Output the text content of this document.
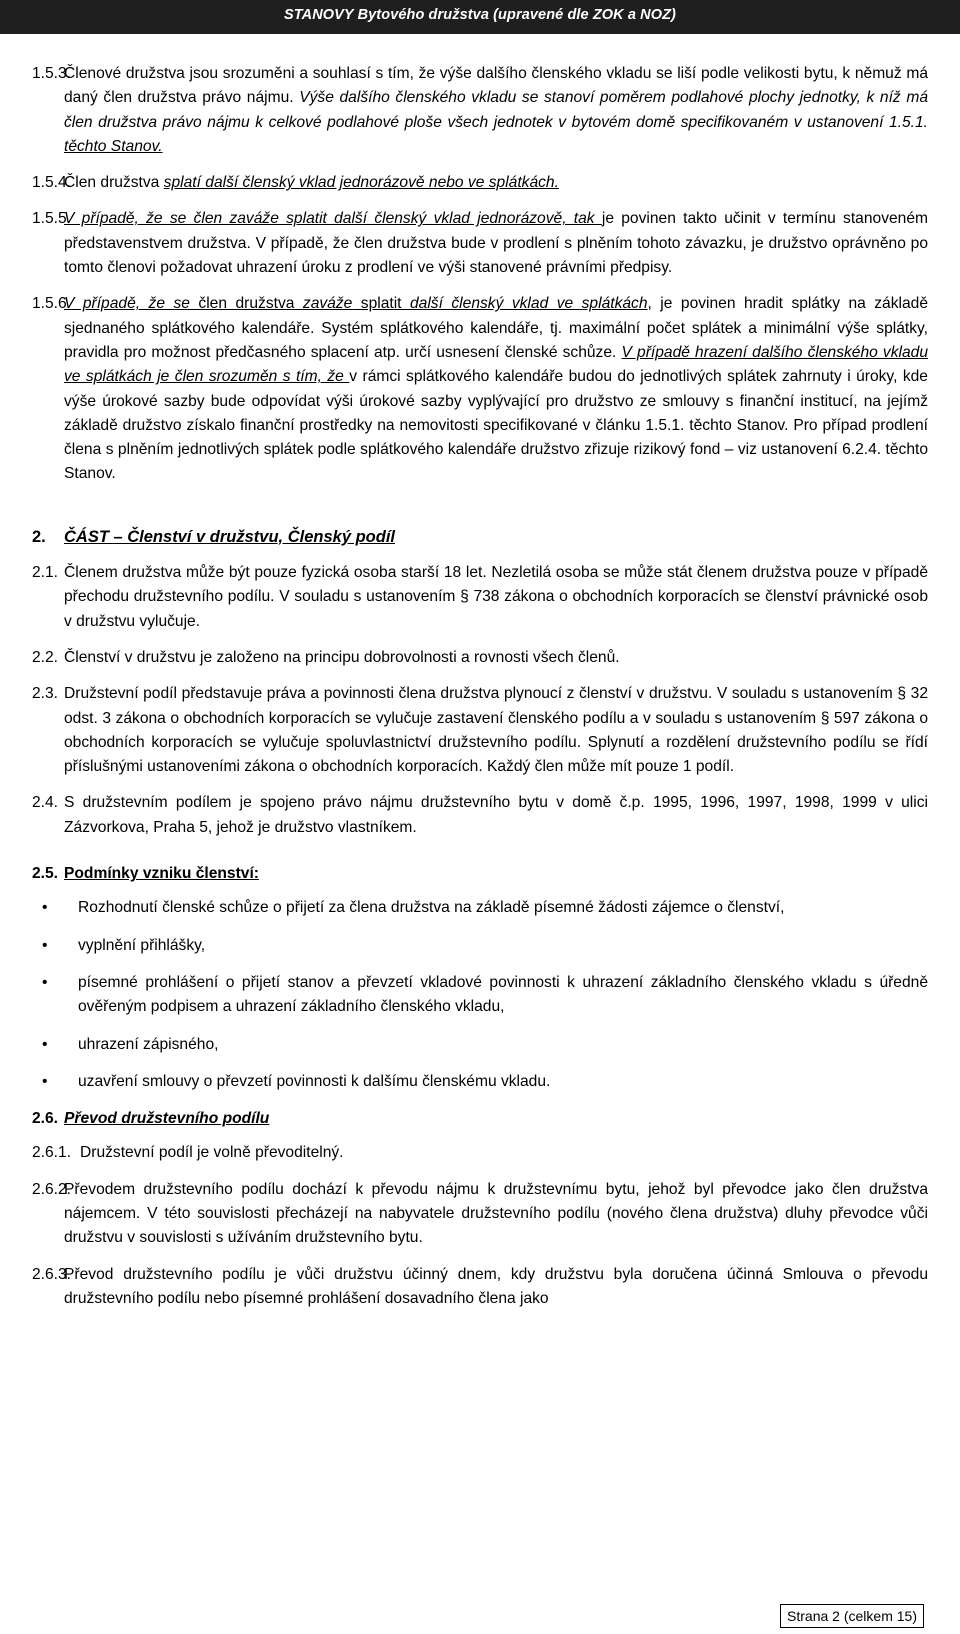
STANOVY Bytového družstva (upravené dle ZOK a NOZ)
1.5.3.
Členové družstva jsou srozuměni a souhlasí s tím, že výše dalšího členského vkladu se liší podle velikosti bytu, k němuž má daný člen družstva právo nájmu. Výše dalšího členského vkladu se stanoví poměrem podlahové plochy jednotky, k níž má člen družstva právo nájmu k celkové podlahové ploše všech jednotek v bytovém domě specifikovaném v ustanovení 1.5.1. těchto Stanov.
1.5.4.
Člen družstva splatí další členský vklad jednorázově nebo ve splátkách.
1.5.5.
V případě, že se člen zaváže splatit další členský vklad jednorázově, tak je povinen takto učinit v termínu stanoveném představenstvem družstva. V případě, že člen družstva bude v prodlení s plněním tohoto závazku, je družstvo oprávněno po tomto členovi požadovat uhrazení úroku z prodlení ve výši stanovené právními předpisy.
1.5.6.
V případě, že se člen družstva zaváže splatit další členský vklad ve splátkách, je povinen hradit splátky na základě sjednaného splátkového kalendáře. Systém splátkového kalendáře, tj. maximální počet splátek a minimální výše splátky, pravidla pro možnost předčasného splacení atp. určí usnesení členské schůze. V případě hrazení dalšího členského vkladu ve splátkách je člen srozuměn s tím, že v rámci splátkového kalendáře budou do jednotlivých splátek zahrnuty i úroky, kde výše úrokové sazby bude odpovídat výši úrokové sazby vyplývající pro družstvo ze smlouvy s finanční institucí, na jejímž základě družstvo získalo finanční prostředky na nemovitosti specifikované v článku 1.5.1. těchto Stanov. Pro případ prodlení člena s plněním jednotlivých splátek podle splátkového kalendáře družstvo zřizuje rizikový fond – viz ustanovení 6.2.4. těchto Stanov.
2. ČÁST – Členství v družstvu, Členský podíl
2.1. Členem družstva může být pouze fyzická osoba starší 18 let. Nezletilá osoba se může stát členem družstva pouze v případě přechodu družstevního podílu. V souladu s ustanovením § 738 zákona o obchodních korporacích se členství právnické osob v družstvu vylučuje.
2.2. Členství v družstvu je založeno na principu dobrovolnosti a rovnosti všech členů.
2.3. Družstevní podíl představuje práva a povinnosti člena družstva plynoucí z členství v družstvu. V souladu s ustanovením § 32 odst. 3 zákona o obchodních korporacích se vylučuje zastavení členského podílu a v souladu s ustanovením § 597 zákona o obchodních korporacích se vylučuje spoluvlastnictví družstevního podílu. Splynutí a rozdělení družstevního podílu se řídí příslušnými ustanoveními zákona o obchodních korporacích. Každý člen může mít pouze 1 podíl.
2.4. S družstevním podílem je spojeno právo nájmu družstevního bytu v domě č.p. 1995, 1996, 1997, 1998, 1999 v ulici Zázvorkova, Praha 5, jehož je družstvo vlastníkem.
2.5. Podmínky vzniku členství:
• Rozhodnutí členské schůze o přijetí za člena družstva na základě písemné žádosti zájemce o členství,
• vyplnění přihlášky,
• písemné prohlášení o přijetí stanov a převzetí vkladové povinnosti k uhrazení základního členského vkladu s úředně ověřeným podpisem a uhrazení základního členského vkladu,
• uhrazení zápisného,
• uzavření smlouvy o převzetí povinnosti k dalšímu členskému vkladu.
2.6. Převod družstevního podílu
2.6.1. Družstevní podíl je volně převoditelný.
2.6.2.
Převodem družstevního podílu dochází k převodu nájmu k družstevnímu bytu, jehož byl převodce jako člen družstva nájemcem. V této souvislosti přecházejí na nabyvatele družstevního podílu (nového člena družstva) dluhy převodce vůči družstvu v souvislosti s užíváním družstevního bytu.
2.6.3.
Převod družstevního podílu je vůči družstvu účinný dnem, kdy družstvu byla doručena účinná Smlouva o převodu družstevního podílu nebo písemné prohlášení dosavadního člena jako
Strana 2 (celkem 15)
